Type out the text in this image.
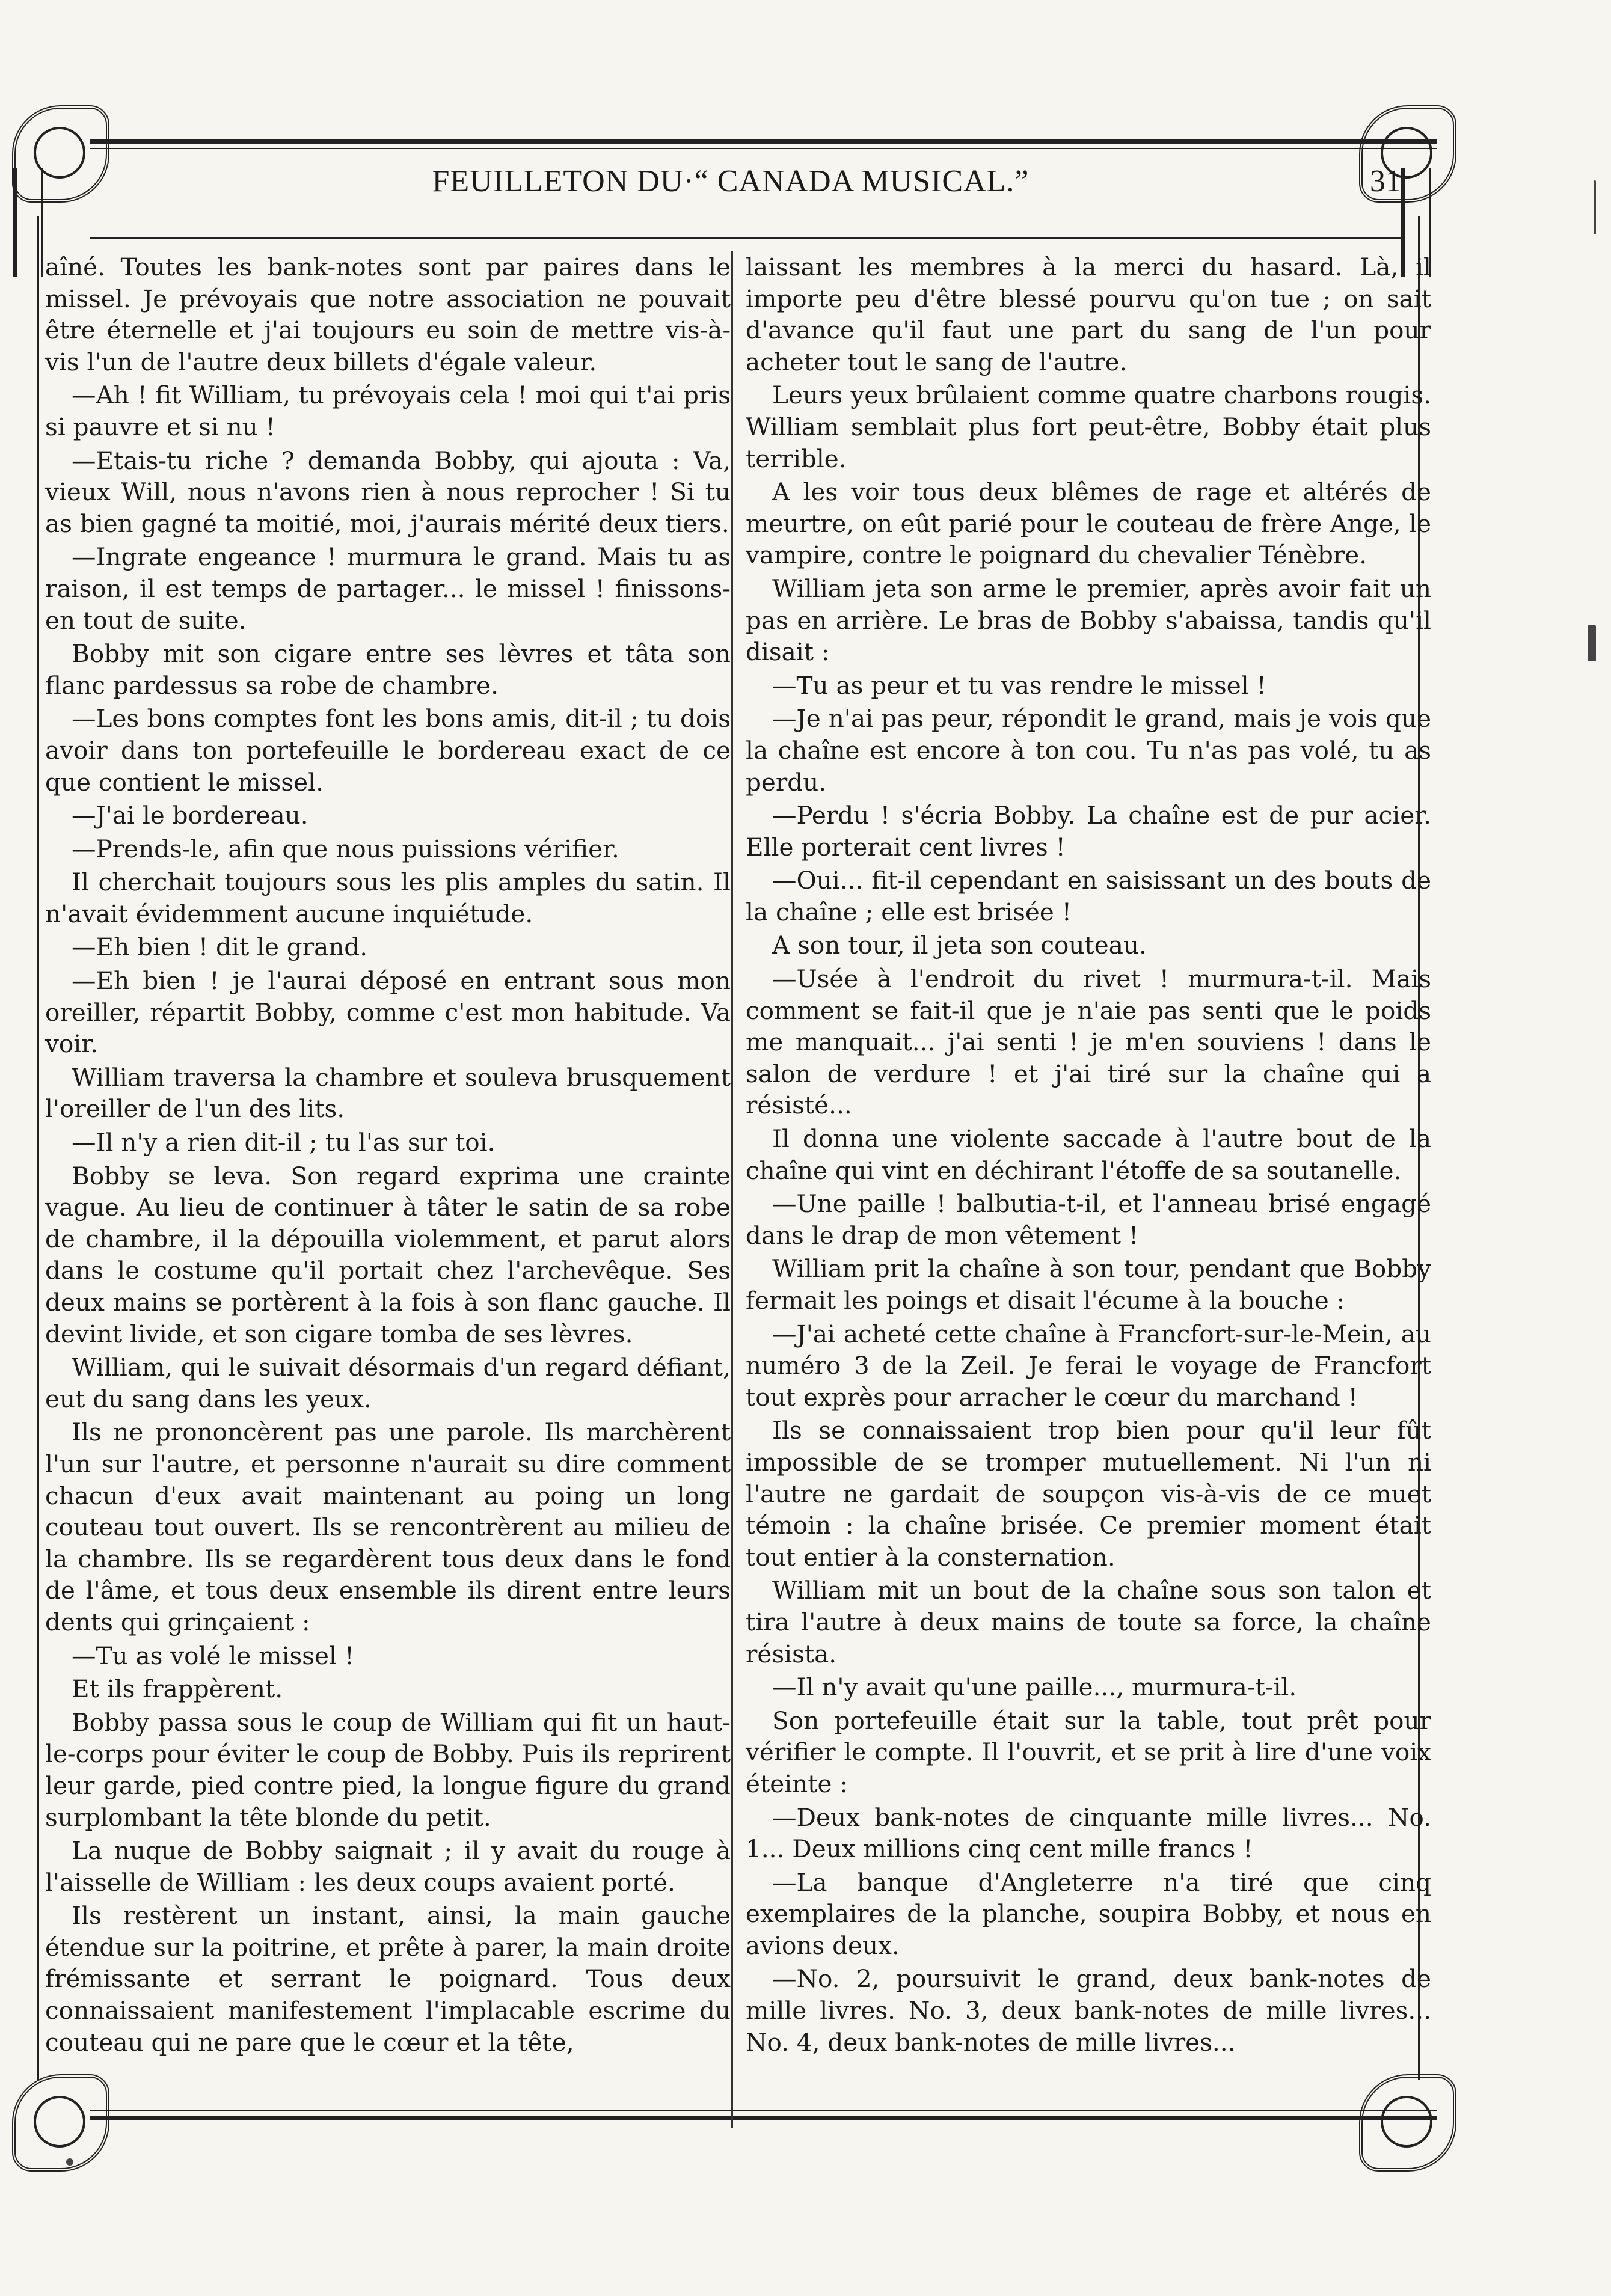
FEUILLETON DU·“ CANADA MUSICAL.”	31

aîné. Toutes les bank-notes sont par paires dans le missel. Je prévoyais que notre association ne pouvait être éternelle et j'ai toujours eu soin de mettre vis-à-vis l'un de l'autre deux billets d'égale valeur.

—Ah ! fit William, tu prévoyais cela ! moi qui t'ai pris si pauvre et si nu !

—Etais-tu riche ? demanda Bobby, qui ajouta : Va, vieux Will, nous n'avons rien à nous reprocher ! Si tu as bien gagné ta moitié, moi, j'aurais mérité deux tiers.

—Ingrate engeance ! murmura le grand. Mais tu as raison, il est temps de partager... le missel ! finissons-en tout de suite.

Bobby mit son cigare entre ses lèvres et tâta son flanc pardessus sa robe de chambre.

—Les bons comptes font les bons amis, dit-il ; tu dois avoir dans ton portefeuille le bordereau exact de ce que contient le missel.

—J'ai le bordereau.

—Prends-le, afin que nous puissions vérifier.

Il cherchait toujours sous les plis amples du satin. Il n'avait évidemment aucune inquiétude.

—Eh bien ! dit le grand.

—Eh bien ! je l'aurai déposé en entrant sous mon oreiller, répartit Bobby, comme c'est mon habitude. Va voir.

William traversa la chambre et souleva brusquement l'oreiller de l'un des lits.

—Il n'y a rien dit-il ; tu l'as sur toi.

Bobby se leva. Son regard exprima une crainte vague. Au lieu de continuer à tâter le satin de sa robe de chambre, il la dépouilla violemment, et parut alors dans le costume qu'il portait chez l'archevêque. Ses deux mains se portèrent à la fois à son flanc gauche. Il devint livide, et son cigare tomba de ses lèvres.

William, qui le suivait désormais d'un regard défiant, eut du sang dans les yeux.

Ils ne prononcèrent pas une parole. Ils marchèrent l'un sur l'autre, et personne n'aurait su dire comment chacun d'eux avait maintenant au poing un long couteau tout ouvert. Ils se rencontrèrent au milieu de la chambre. Ils se regardèrent tous deux dans le fond de l'âme, et tous deux ensemble ils dirent entre leurs dents qui grinçaient :

—Tu as volé le missel !

Et ils frappèrent.

Bobby passa sous le coup de William qui fit un haut-le-corps pour éviter le coup de Bobby. Puis ils reprirent leur garde, pied contre pied, la longue figure du grand surplombant la tête blonde du petit.

La nuque de Bobby saignait ; il y avait du rouge à l'aisselle de William : les deux coups avaient porté.

Ils restèrent un instant, ainsi, la main gauche étendue sur la poitrine, et prête à parer, la main droite frémissante et serrant le poignard. Tous deux connaissaient manifestement l'implacable escrime du couteau qui ne pare que le cœur et la tête,

laissant les membres à la merci du hasard. Là, il importe peu d'être blessé pourvu qu'on tue ; on sait d'avance qu'il faut une part du sang de l'un pour acheter tout le sang de l'autre.

Leurs yeux brûlaient comme quatre charbons rougis. William semblait plus fort peut-être, Bobby était plus terrible.

A les voir tous deux blêmes de rage et altérés de meurtre, on eût parié pour le couteau de frère Ange, le vampire, contre le poignard du chevalier Ténèbre.

William jeta son arme le premier, après avoir fait un pas en arrière. Le bras de Bobby s'abaissa, tandis qu'il disait :

—Tu as peur et tu vas rendre le missel !

—Je n'ai pas peur, répondit le grand, mais je vois que la chaîne est encore à ton cou. Tu n'as pas volé, tu as perdu.

—Perdu ! s'écria Bobby. La chaîne est de pur acier. Elle porterait cent livres !

—Oui... fit-il cependant en saisissant un des bouts de la chaîne ; elle est brisée !

A son tour, il jeta son couteau.

—Usée à l'endroit du rivet ! murmura-t-il. Mais comment se fait-il que je n'aie pas senti que le poids me manquait... j'ai senti ! je m'en souviens ! dans le salon de verdure ! et j'ai tiré sur la chaîne qui a résisté...

Il donna une violente saccade à l'autre bout de la chaîne qui vint en déchirant l'étoffe de sa soutanelle.

—Une paille ! balbutia-t-il, et l'anneau brisé engagé dans le drap de mon vêtement !

William prit la chaîne à son tour, pendant que Bobby fermait les poings et disait l'écume à la bouche :

—J'ai acheté cette chaîne à Francfort-sur-le-Mein, au numéro 3 de la Zeil. Je ferai le voyage de Francfort tout exprès pour arracher le cœur du marchand !

Ils se connaissaient trop bien pour qu'il leur fût impossible de se tromper mutuellement. Ni l'un ni l'autre ne gardait de soupçon vis-à-vis de ce muet témoin : la chaîne brisée. Ce premier moment était tout entier à la consternation.

William mit un bout de la chaîne sous son talon et tira l'autre à deux mains de toute sa force, la chaîne résista.

—Il n'y avait qu'une paille..., murmura-t-il.

Son portefeuille était sur la table, tout prêt pour vérifier le compte. Il l'ouvrit, et se prit à lire d'une voix éteinte :

—Deux bank-notes de cinquante mille livres... No. 1... Deux millions cinq cent mille francs !

—La banque d'Angleterre n'a tiré que cinq exemplaires de la planche, soupira Bobby, et nous en avions deux.

—No. 2, poursuivit le grand, deux bank-notes de mille livres. No. 3, deux bank-notes de mille livres... No. 4, deux bank-notes de mille livres...
